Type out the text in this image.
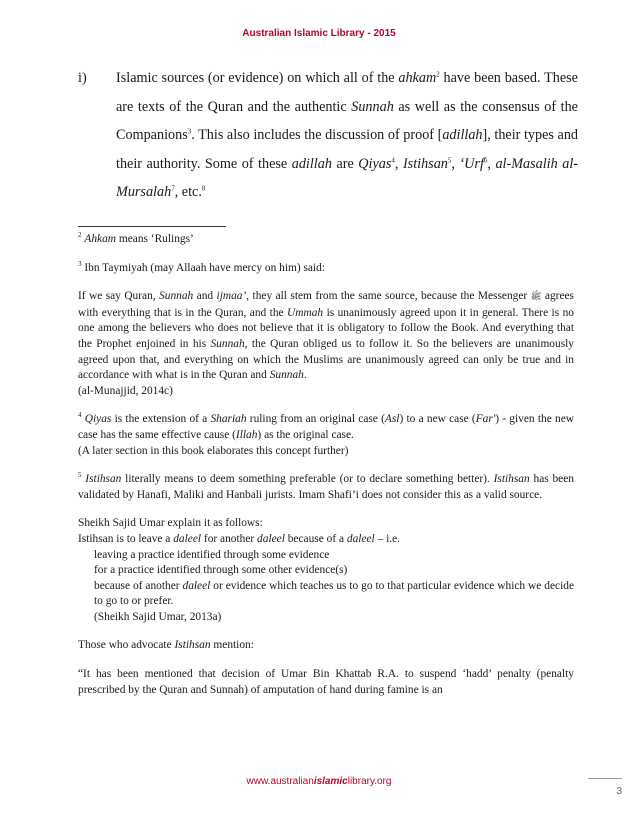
Australian Islamic Library - 2015
i) Islamic sources (or evidence) on which all of the ahkam$^2$ have been based. These are texts of the Quran and the authentic Sunnah as well as the consensus of the Companions$^3$. This also includes the discussion of proof [adillah], their types and their authority. Some of these adillah are Qiyas$^4$, Istihsan$^5$, ‘Urf$^6$, al-Masalih al-Mursalah$^7$, etc.$^8$

$^2$ Ahkam means ‘Rulings’

$^3$ Ibn Taymiyah (may Allaah have mercy on him) said:

If we say Quran, Sunnah and ijmaa’, they all stem from the same source, because the Messenger ﷺ agrees with everything that is in the Quran, and the Ummah is unanimously agreed upon it in general. There is no one among the believers who does not believe that it is obligatory to follow the Book. And everything that the Prophet enjoined in his Sunnah, the Quran obliged us to follow it. So the believers are unanimously agreed upon that, and everything on which the Muslims are unanimously agreed can only be true and in accordance with what is in the Quran and Sunnah.

(al-Munajjid, 2014c)

$^4$ Qiyas is the extension of a Shariah ruling from an original case (Asl) to a new case (Far') - given the new case has the same effective cause (Illah) as the original case.

(A later section in this book elaborates this concept further)

$^5$ Istihsan literally means to deem something preferable (or to declare something better). Istihsan has been validated by Hanafi, Maliki and Hanbali jurists. Imam Shafi’i does not consider this as a valid source.

Sheikh Sajid Umar explain it as follows:

Istihsan is to leave a daleel for another daleel because of a daleel – i.e.

leaving a practice identified through some evidence

for a practice identified through some other evidence(s)

because of another daleel or evidence which teaches us to go to that particular evidence which we decide to go to or prefer.

(Sheikh Sajid Umar, 2013a)

Those who advocate Istihsan mention:

“It has been mentioned that decision of Umar Bin Khattab R.A. to suspend ‘hadd’ penalty (penalty prescribed by the Quran and Sunnah) of amputation of hand during famine is an

www.australianislamiclibrary.org
3
